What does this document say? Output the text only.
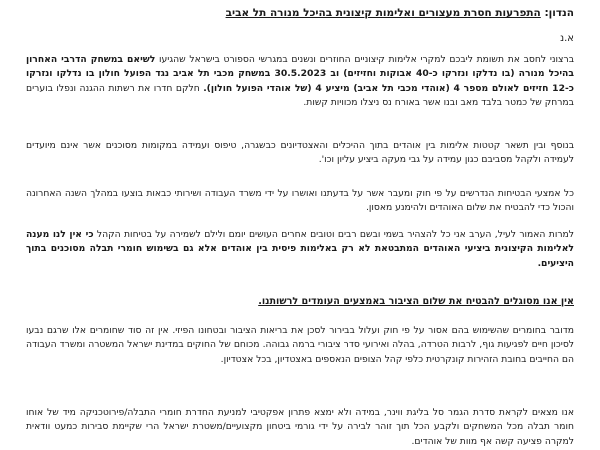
הנדון: התפרעות חסרת מעצורים ואלימות קיצונית בהיכל מנורה תל אביב
א.נ
ברצוני לחסב את תשומת ליבכם למקרי אלימות קיצוניים החוזרים ונשנים במגרשי הספורט בישראל שהגיעו לשיאם במשחק הדרבי האחרון בהיכל מנורה (בו נדלקו ונזרקו כ-40 אבוקות וחזיזים) וב 30.5.2023 במשחק מכבי תל אביב נגד הפועל חולון בו נדלקו ונזרקו כ-12 חזיזים לאולם מספר 4 (אוהדי מכבי תל אביב) מיציע 4 (של אוהדי הפועל חולון). חלקם חדרו את רשתות ההגנה ונפלו בוערים במרחק של כמטר בלבד מאב ובנו אשר באורח נס ניצלו מכוויות קשות.
בנוסף ובין תשאר קטטות אלימות בין אוהדים בתוך ההיכלים והאצטדיונים כבשגרה, טיפוס ועמידה במקומות מסוכנים אשר אינם מיועדים לעמידה ולקהל מסביבם כגון עמידה על גבי מעקה ביציע עליון וכו'.
כל אמצעי הבטיחות הנדרשים על פי חוק ומעבר אשר על בדעתנו ואושרו על ידי משרד העבודה ושירותי כבאות בוצעו במהלך השנה האחרונה והכול כדי להבטיח את שלום האוהדים ולהימנע מאסון.
למרות האמור לעיל, הערב אני כל להצהיר בשמי ובשם רבים וטובים אחרים העושים יומם ולילם לשמירה על בטיחות הקהל כי אין לנו מענה לאלימות הקיצונית ביציעי האוהדים המתבטאת לא רק באלימות פיסית בין אוהדים אלא גם בשימוש חומרי תבלה מסוכנים בתוך היציעים.
אין אנו מסוגלים להבטיח את שלום הציבור באמצעים העומדים לרשותנו.
מדובר בחומרים שהשימוש בהם אסור על פי חוק ועלול בבירור לסכן את בריאות הציבור ובטחונו הפיזי. אין זה סוד שחומרים אלו שרגם נבעו לסיכון חיים לפגיעות גוף, לרבות הטרדה, בהלה ואירועי סדר ציבורי ברמה גבוהה. מכוחם של החוקים במדינת ישראל המשטרה ומשרד העבודה הם החייבים בחובת הזהירות קונקרטית כלפי קהל הצופים הנאספים באצטדיון, בכל אצטדיון.
אנו מצאים לקראת סדרת הגמר סל בליגת ווינר, במידה ולא ימצא פתרון אפקטיבי למניעת החדרת חומרי התבלה/פירוטכניקה מיד של אוחו חומר תבלה מכל המשחקים ולקבע הכל תוך זוהר לבירה על ידי גורמי ביטחון מקצועיים/משטרת ישראל הרי שקיימת סבירות כמעט וודאית למקרה פציעה קשה אף מוות של אוהדים.
